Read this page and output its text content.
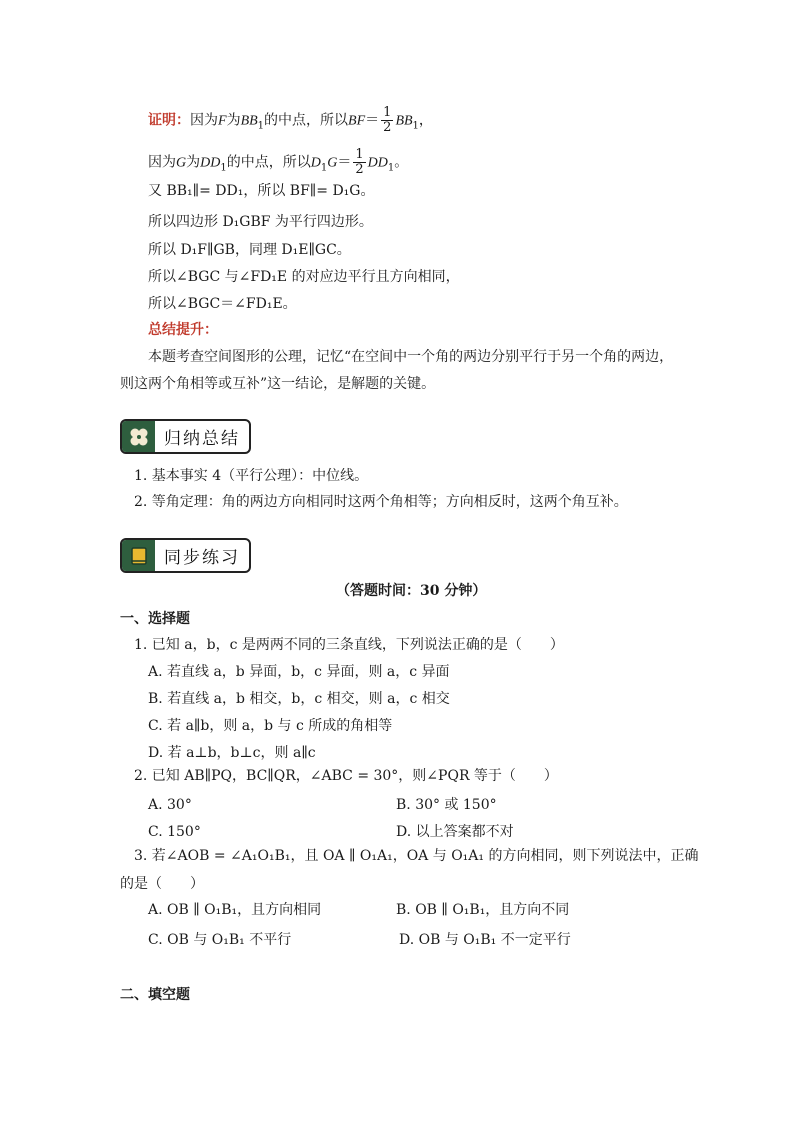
证明：因为F为$BB_1$的中点，所以$BF= \frac{1}{2} BB_1$，
因为G为$DD_1$的中点，所以$D_1G= \frac{1}{2} DD_1$。
又 BB₁∥= DD₁，所以 BF∥= D₁G。
所以四边形 D₁GBF 为平行四边形。
所以 D₁F∥GB，同理 D₁E∥GC。
所以∠BGC 与∠FD₁E 的对应边平行且方向相同，
所以∠BGC＝∠FD₁E。
总结提升：
本题考查空间图形的公理，记忆“在空间中一个角的两边分别平行于另一个角的两边，
则这两个角相等或互补”这一结论，是解题的关键。
归纳总结
1. 基本事实 4（平行公理）：中位线。
2. 等角定理：角的两边方向相同时这两个角相等；方向相反时，这两个角互补。
同步练习
（答题时间：30 分钟）
一、选择题
1. 已知 a，b，c 是两两不同的三条直线，下列说法正确的是（　　）
A. 若直线 a，b 异面，b，c 异面，则 a，c 异面
B. 若直线 a，b 相交，b，c 相交，则 a，c 相交
C. 若 a∥b，则 a，b 与 c 所成的角相等
D. 若 a⊥b，b⊥c，则 a∥c
2. 已知 AB∥PQ，BC∥QR，∠ABC = 30°，则∠PQR 等于（　　）
A. 30°	B. 30° 或 150°
C. 150°	D. 以上答案都不对
3. 若∠AOB = ∠A₁O₁B₁，且 OA ∥ O₁A₁，OA 与 O₁A₁ 的方向相同，则下列说法中，正确
的是（　　）
A. OB ∥ O₁B₁，且方向相同	B. OB ∥ O₁B₁，且方向不同
C. OB 与 O₁B₁ 不平行	D. OB 与 O₁B₁ 不一定平行
二、填空题
